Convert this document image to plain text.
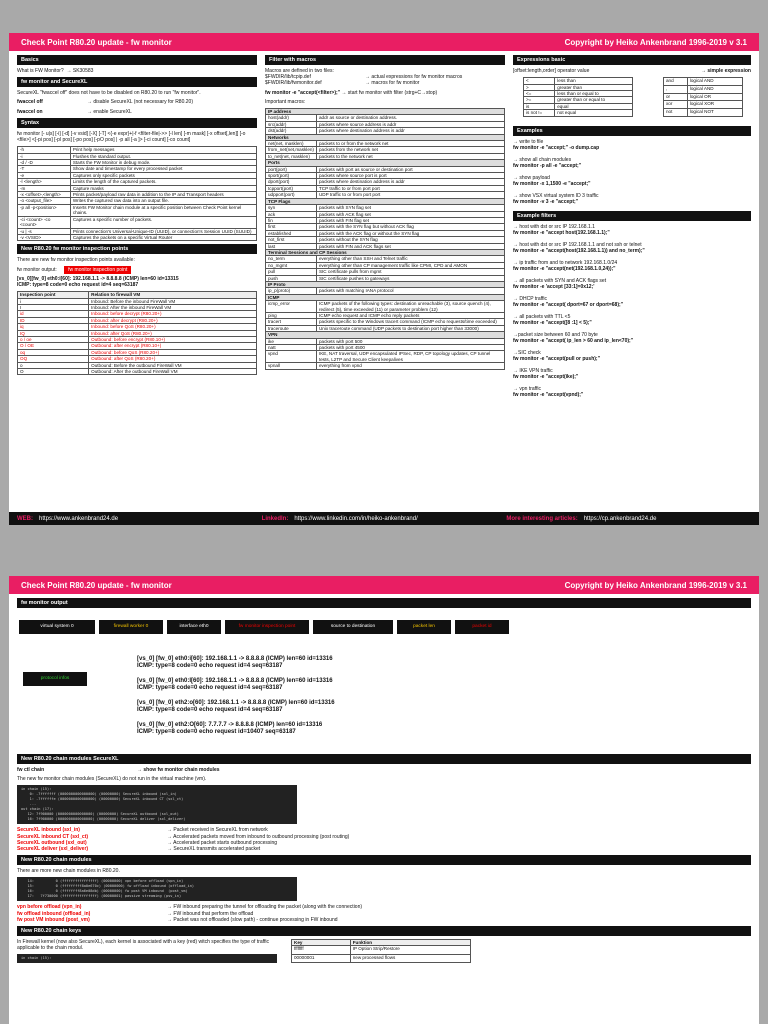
Check Point R80.20 update - fw monitor	Copyright by Heiko Ankenbrand 1996-2019 v 3.1
Basics
What is FW Monitor? → SK30583
fw monitor and SecureXL
SecureXL "fwaccel off" does not have to be disabled on R80.20 to run "fw monitor".
fwaccel off	→ disable SecureXL (not necessary for R80.20)
fwaccel on	→ enable SecureXL
Syntax
fw monitor [- u|s] [-i] [-d] [-v vsid] [-X] [-T] <{-e expr}+|-f <filter-file|->> [-l len] [-m mask] [-x offset[,len]] [-o <file>] <[-pi pos] [-pl pos] [-po pos] [-pO pos] | -p all [-a ]> [-ci count] [-co count]
-h	Print help messages
-i	Flushes the standard output.
-d / -D	Starts the FW Monitor in debug mode.
-T	Show date and timestamp for every processed packet
-e	Captures only specific packets
-l <length>	Limits the length of the captured packets.
-m	Capture masks
-x <offset>,<length>	Prints packet/payload raw data in addition to the IP and Transport headers
-o <output_file>	Writes the captured raw data into an output file.
-p all -p<position>	Inserts FW Monitor chain module at a specific position between Check Point kernel chains.
-ci <count> -co <count>	Captures a specific number of packets.
-u | -s	Prints connection's Universal-Unique-ID (UUID), or connection's Session UUID (SUUID)
-v <VSID>	Captures the packets on a specific Virtual Router
New R80.20 fw monitor inspection points
There are new fw monitor inspection points available:
fw monitor output: fw monitor inspection point
[vs_0][fw_0] eth0:i[60]: 192.168.1.1 -> 8.8.8.8 (ICMP) len=60 id=13315
ICMP: type=8 code=0 echo request id=4 seq=63187
Inspection point	Relation to firewall VM
i	Inbound: Before the inbound FireWall VM
I	Inbound: After the inbound FireWall VM
id	Inbound: before decrypt (R80.20+)
ID	Inbound: after decrypt (R80.20+)
iq	Inbound: before QoS (R80.20+)
IQ	Inbound: after QoS (R80.20+)
o / oe	Outbound: before encrypt (R80.10+)
O / OE	Outbound: after encrypt (R80.10+)
oq	Outbound: before QoS (R80.20+)
OQ	Outbound: after QoS (R80.20+)
o	Outbound: Before the outbound FireWall VM
O	Outbound: After the outbound FireWall VM
Filter with macros
Macros are defined in two files:
$FWDIR/lib/tcpip.def	→ actual expressions for fw monitor macros
$FWDIR/lib/fwmonitor.def	→ macros for fw monitor
fw monitor -e "accept(<filter>);" → start fw monitor with filter (strg+C→stop)
Important macros:
IP address	
host(addr)	addr as source or destination address.
src(addr)	packets where source address is addr
dst(addr)	packets where destination address is addr
Networks	
net(net, masklen)	packets to or from the network net
from_net(net,masklen)	packets from the network net
to_net(net, masklen)	packets to the network net
Ports	
port(port)	packets with port as source or destination port
sport(port)	packets where source port is port
dport(port)	packets where destination address is addr
tcpport(port)	TCP traffic to or from port port
udpport(port)	UDP traffic to or from port port
TCP Flags	
syn	packets with SYN flag set
ack	packets with ACK flag set
fin	packets with FIN flag set
first	packets with the SYN flag but without ACK flag
established	packets with the ACK flag or without the SYN flag
not_first	packets without the SYN flag
last	packets with FIN and ACK flags set
Terminal Sessions and CP Sessions	
no_term	everything other than SSH and Telnet traffic
no_mgmt	everything other than CP management traffic like CPMI, CPD and AMON
pull	SIC certificate pulls from mgmt
push	SIC certificate pushes to gateways
IP Proto	
ip_p(proto)	packets with matching IANA protocol
ICMP	
icmp_error	ICMP packets of the following types: destination unreachable (3), source quench (4), redirect (5), time exceeded (11) or parameter problem (12)
ping	ICMP echo request and ICMP echo reply packets
tracert	packets specific to the Windows tracert command (ICMP echo requests/time exceeded)
traceroute	Unix traceroute command (UDP packets to destination port higher than 33000)
VPN	
ike	packets with port 500
natt	packets with port 4500
vpnd	IKE, NAT traversal, UDP encapsulated IPSec, RDP, CP topology updates, CP tunnel tests, L2TP and Secure Client keepalives
vpnall	everything from vpnd
Expressions basic
[offset:length,order] operator value	→ simple expression
<	less than
>	greater than
<=	less than or equal to
>=	greater than or equal to
is	equal
is not !=	not equal
and	logical AND
,	logical AND
or	logical OR
xor	logical XOR
not	logical NOT
Examples
→ write to file
fw monitor -e "accept;" -o dump.cap
→ show all chain modules
fw monitor -p all -e "accept;"
→ show payload
fw monitor -x 1,1500 -e "accept;"
→ show VSX virtual system ID 3 traffic
fw monitor -v 3 -e "accept;"
Example filters
→ host with dst or src IP 192.168.1.1
fw monitor -e "accept host(192.168.1.1);"
→ host with dst or src IP 192.168.1.1 and not ssh or telnet
fw monitor -e "accept(host(192.168.1.1)) and no_term);"
→ ip traffic from and to network 192.168.1.0/24
fw monitor -e "accept(net(192.168.1.0,24));"
→ all packets with SYN and ACK flags set
fw monitor -e 'accept [33:1]=0x12;'
→ DHCP traffic
fw monitor -e "accept( dport=67 or dport=68);"
→ all packets with TTL <5
fw monitor -e "accept([8 :1] < 5);"
→packet size between 60 and 70 byte
fw monitor -e "accept( ip_len > 60 and ip_len<70);"
→SIC check
fw monitor -e "accept(pull or push);"
→ IKE VPN traffic
fw monitor -e "accept(ike);"
→ vpn traffic
fw monitor -e "accept(vpnd);"
WEB: https://www.ankenbrand24.de	LinkedIn: https://www.linkedin.com/in/heiko-ankenbrand/	More interesting articles: https://cp.ankenbrand24.de
Check Point R80.20 update - fw monitor	Copyright by Heiko Ankenbrand 1996-2019 v 3.1
fw monitor output
virtual system 0	firewall worker 0	interface eth0	fw monitor inspection point	source to destination	packet len	packet id
protocol infos
[vs_0] [fw_0] eth0:i[60]: 192.168.1.1 -> 8.8.8.8 (ICMP) len=60 id=13316
ICMP: type=8 code=0 echo request id=4 seq=63187
[vs_0] [fw_0] eth0:I[60]: 192.168.1.1 -> 8.8.8.8 (ICMP) len=60 id=13316
ICMP: type=8 code=0 echo request id=4 seq=63187
[vs_0] [fw_0] eth2:o[60]: 192.168.1.1 -> 8.8.8.8 (ICMP) len=60 id=13316
ICMP: type=8 code=0 echo request id=4 seq=63187
[vs_0] [fw_0] eth2:O[60]: 7.7.7.7 -> 8.8.8.8 (ICMP) len=60 id=13316
ICMP: type=8 code=0 echo request id=10407 seq=63187
New R80.20 chain modules SecureXL
fw ctl chain	→ show fw monitor chain modules
The new fw monitor chain modules (SecureXL) do not run in the virtual machine (vm).
in chain (15):
0: -7fffffff (0000000000000000) (00000000) SecureXL inbound (sxl_in)
1: -7ffffffe (0000000000000000) (00000000) SecureXL inbound CT (sxl_ct)
...
out chain (17):
12: 7f900000 (0000000000000000) (00000000) SecureXL outbound (sxl_out)
16: 7f900000 (0000000000000000) (00000000) SecureXL deliver (sxl_deliver)
SecureXL inbound (sxl_in)	→ Packet received in SecureXL from network
SecureXL inbound CT (sxl_ct)	→ Accelerated packets moved from inbound to outbound processing (post routing)
SecureXL outbound (sxl_out)	→ Accelerated packet starts outbound processing
SecureXL deliver (sxl_deliver)	→ SecureXL transmits accelerated packet
New R80.20 chain modules
There are more new chain modules in R80.20.
14:          0 (ffffffffffffffff) (00000000) vpn before offload (vpn_in)
15:          0 (fffffffff8a0e670c) (00000000) fw offload inbound (offload_in)
16:          0 (ffffffff8a6e08db) (00000000) fw post VM inbound  (post_vm)
17:   7f730000 (ffffffffffffffff) (00000001) passive streaming (psv_in)
vpn before offload (vpn_in)	→ FW inbound preparing the tunnel for offloading the packet (along with the connection)
fw offload inbound (offload_in)	→ FW inbound that perform the offload
fw post VM inbound (post_vm)	→ Packet was not offloaded (slow path) - continue processing in FW inbound
New R80.20 chain keys
In Firewall kernel (now also SecureXL), each kernel is associated with a key (red) witch specifies the type of traffic applicable to the chain modul.
in chain (15):
Key	Funktion
ffffffff	IP Option Strip/Restore
00000001	new processed flows
